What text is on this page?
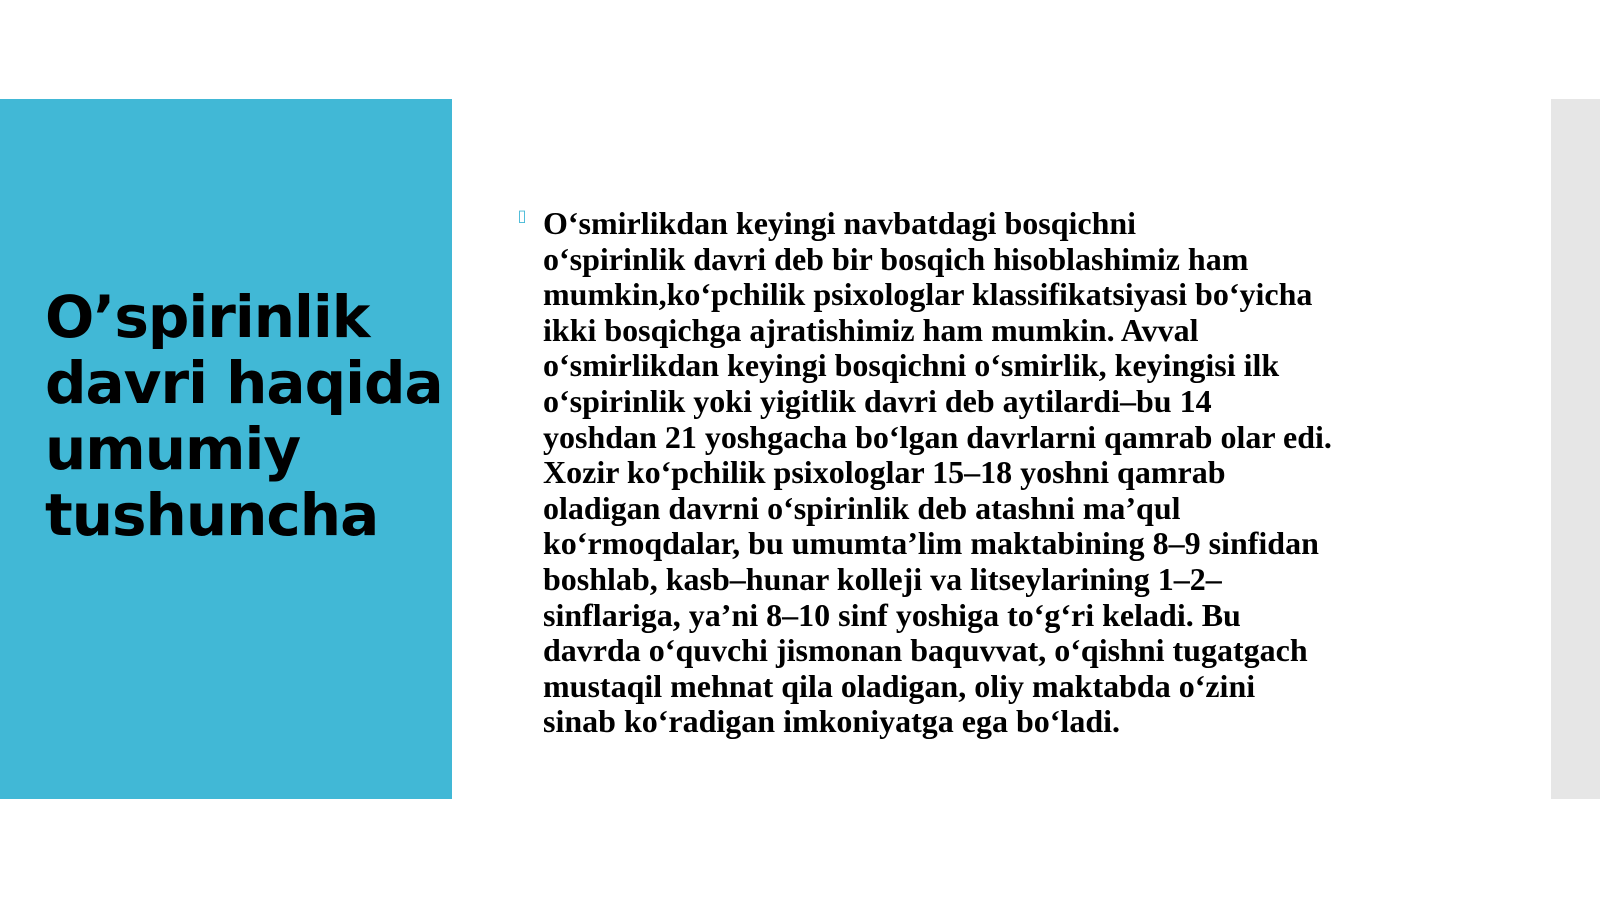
O’spirinlik davri haqida umumiy tushuncha
▯ O‘smirlikdan keyingi navbatdagi bosqichni
o‘spirinlik davri deb bir bosqich hisoblashimiz ham
mumkin,ko‘pchilik psixologlar klassifikatsiyasi bo‘yicha
ikki bosqichga ajratishimiz ham mumkin. Avval
o‘smirlikdan keyingi bosqichni o‘smirlik, keyingisi ilk
o‘spirinlik yoki yigitlik davri deb aytilardi–bu 14
yoshdan 21 yoshgacha bo‘lgan davrlarni qamrab olar edi.
Xozir ko‘pchilik psixologlar 15–18 yoshni qamrab
oladigan davrni o‘spirinlik deb atashni ma’qul
ko‘rmoqdalar, bu umumta’lim maktabining 8–9 sinfidan
boshlab, kasb–hunar kolleji va litseylarining 1–2–
sinflariga, ya’ni 8–10 sinf yoshiga to‘g‘ri keladi. Bu
davrda o‘quvchi jismonan baquvvat, o‘qishni tugatgach
mustaqil mehnat qila oladigan, oliy maktabda o‘zini
sinab ko‘radigan imkoniyatga ega bo‘ladi.
